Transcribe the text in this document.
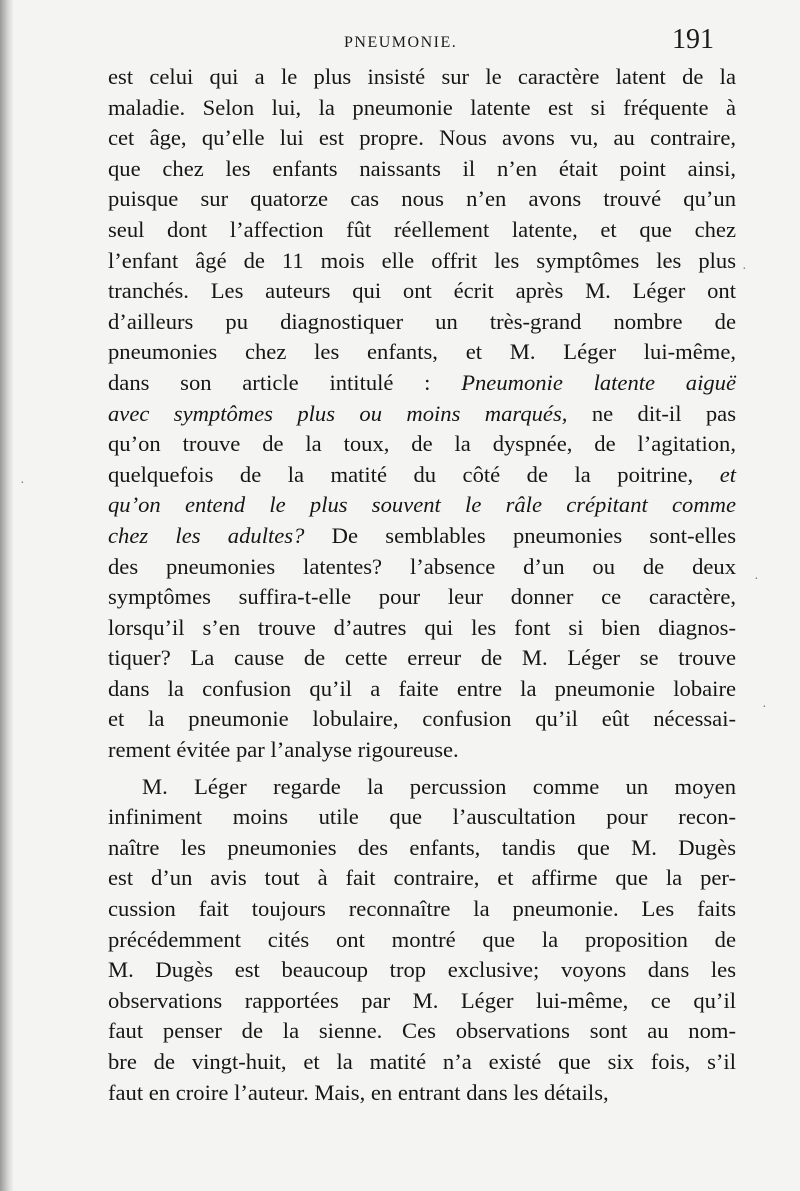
PNEUMONIE.	191
est celui qui a le plus insisté sur le caractère latent de la
maladie. Selon lui, la pneumonie latente est si fréquente à
cet âge, qu’elle lui est propre. Nous avons vu, au contraire,
que chez les enfants naissants il n’en était point ainsi,
puisque sur quatorze cas nous n’en avons trouvé qu’un
seul dont l’affection fût réellement latente, et que chez
l’enfant âgé de 11 mois elle offrit les symptômes les plus
tranchés. Les auteurs qui ont écrit après M. Léger ont
d’ailleurs pu diagnostiquer un très-grand nombre de
pneumonies chez les enfants, et M. Léger lui-même,
dans son article intitulé : Pneumonie latente aiguë
avec symptômes plus ou moins marqués, ne dit-il pas
qu’on trouve de la toux, de la dyspnée, de l’agitation,
quelquefois de la matité du côté de la poitrine, et
qu’on entend le plus souvent le râle crépitant comme
chez les adultes? De semblables pneumonies sont-elles
des pneumonies latentes? l’absence d’un ou de deux
symptômes suffira-t-elle pour leur donner ce caractère,
lorsqu’il s’en trouve d’autres qui les font si bien diagnos-
tiquer? La cause de cette erreur de M. Léger se trouve
dans la confusion qu’il a faite entre la pneumonie lobaire
et la pneumonie lobulaire, confusion qu’il eût nécessai-
rement évitée par l’analyse rigoureuse.
M. Léger regarde la percussion comme un moyen
infiniment moins utile que l’auscultation pour recon-
naître les pneumonies des enfants, tandis que M. Dugès
est d’un avis tout à fait contraire, et affirme que la per-
cussion fait toujours reconnaître la pneumonie. Les faits
précédemment cités ont montré que la proposition de
M. Dugès est beaucoup trop exclusive; voyons dans les
observations rapportées par M. Léger lui-même, ce qu’il
faut penser de la sienne. Ces observations sont au nom-
bre de vingt-huit, et la matité n’a existé que six fois, s’il
faut en croire l’auteur. Mais, en entrant dans les détails,
·
·
·
·
